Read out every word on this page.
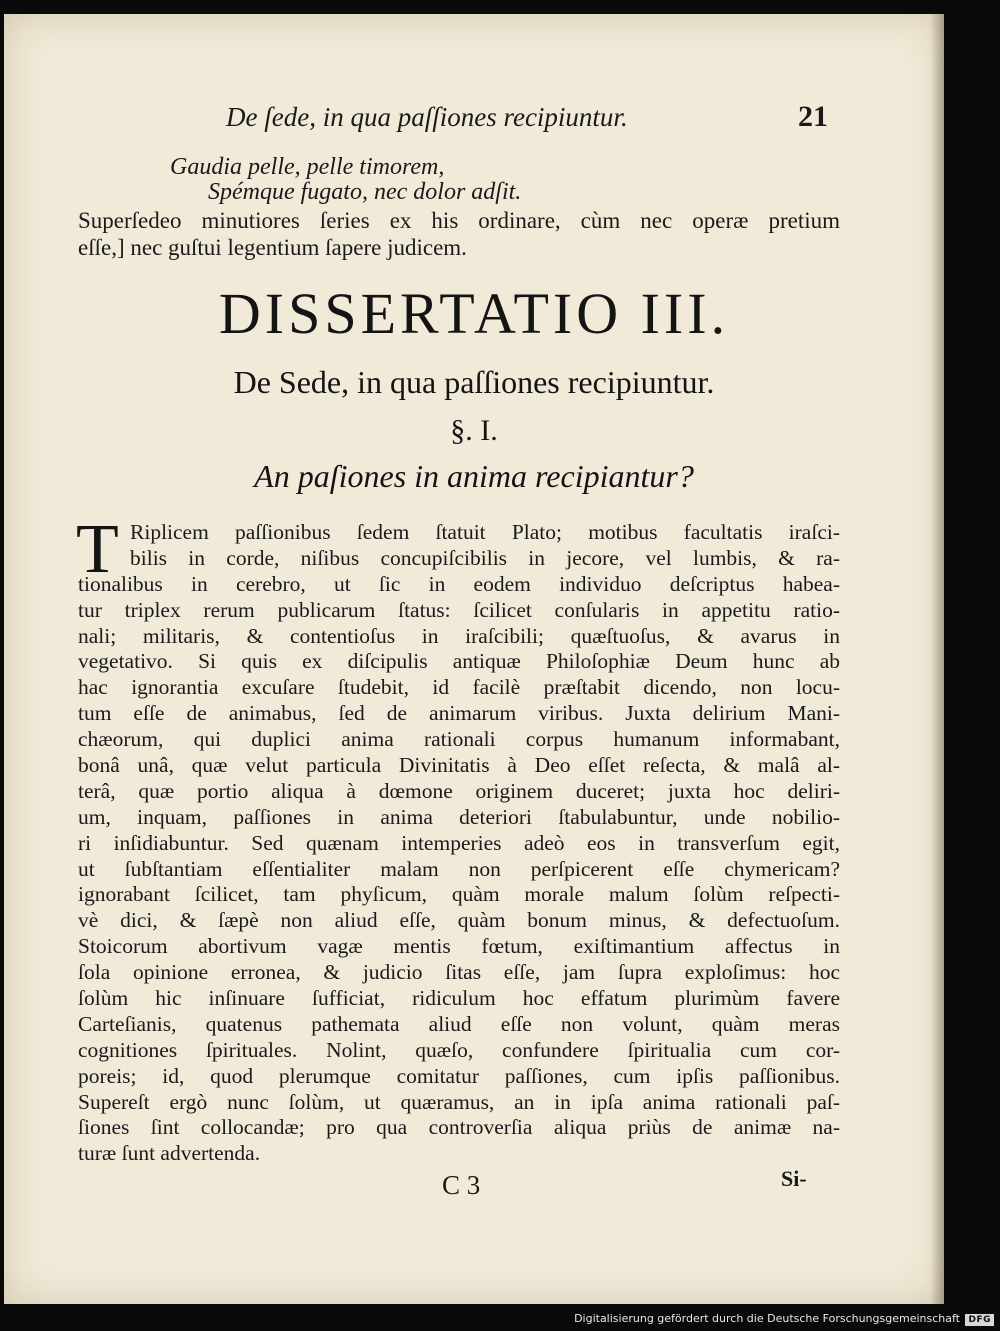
De ſede, in qua paſſiones recipiuntur.	21
Gaudia pelle, pelle timorem,
Spémque fugato, nec dolor adſit.
Superſedeo minutiores ſeries ex his ordinare, cùm nec operæ pretium
eſſe,] nec guſtui legentium ſapere judicem.
DISSERTATIO III.
De Sede, in qua paſſiones recipiuntur.
§. I.
An paſiones in anima recipiantur?
T Riplicem paſſionibus ſedem ſtatuit Plato; motibus facultatis iraſci-
bilis in corde, niſibus concupiſcibilis in jecore, vel lumbis, & ra-
tionalibus in cerebro, ut ſic in eodem individuo deſcriptus habea-
tur triplex rerum publicarum ſtatus: ſcilicet conſularis in appetitu ratio-
nali; militaris, & contentioſus in iraſcibili; quæſtuoſus, & avarus in
vegetativo. Si quis ex diſcipulis antiquæ Philoſophiæ Deum hunc ab
hac ignorantia excuſare ſtudebit, id facilè præſtabit dicendo, non locu-
tum eſſe de animabus, ſed de animarum viribus. Juxta delirium Mani-
chæorum, qui duplici anima rationali corpus humanum informabant,
bonâ unâ, quæ velut particula Divinitatis à Deo eſſet reſecta, & malâ al-
terâ, quæ portio aliqua à dœmone originem duceret; juxta hoc deliri-
um, inquam, paſſiones in anima deteriori ſtabulabuntur, unde nobilio-
ri inſidiabuntur. Sed quænam intemperies adeò eos in transverſum egit,
ut ſubſtantiam eſſentialiter malam non perſpicerent eſſe chymericam?
ignorabant ſcilicet, tam phyſicum, quàm morale malum ſolùm reſpecti-
vè dici, & ſæpè non aliud eſſe, quàm bonum minus, & defectuoſum.
Stoicorum abortivum vagæ mentis fœtum, exiſtimantium affectus in
ſola opinione erronea, & judicio ſitas eſſe, jam ſupra exploſimus: hoc
ſolùm hic inſinuare ſufficiat, ridiculum hoc effatum plurimùm favere
Carteſianis, quatenus pathemata aliud eſſe non volunt, quàm meras
cognitiones ſpirituales. Nolint, quæſo, confundere ſpiritualia cum cor-
poreis; id, quod plerumque comitatur paſſiones, cum ipſis paſſionibus.
Supereſt ergò nunc ſolùm, ut quæramus, an in ipſa anima rationali paſ-
ſiones ſint collocandæ; pro qua controverſia aliqua priùs de animæ na-
turæ ſunt advertenda.
C 3	Si-
Digitalisierung gefördert durch die Deutsche Forschungsgemeinschaft DFG
